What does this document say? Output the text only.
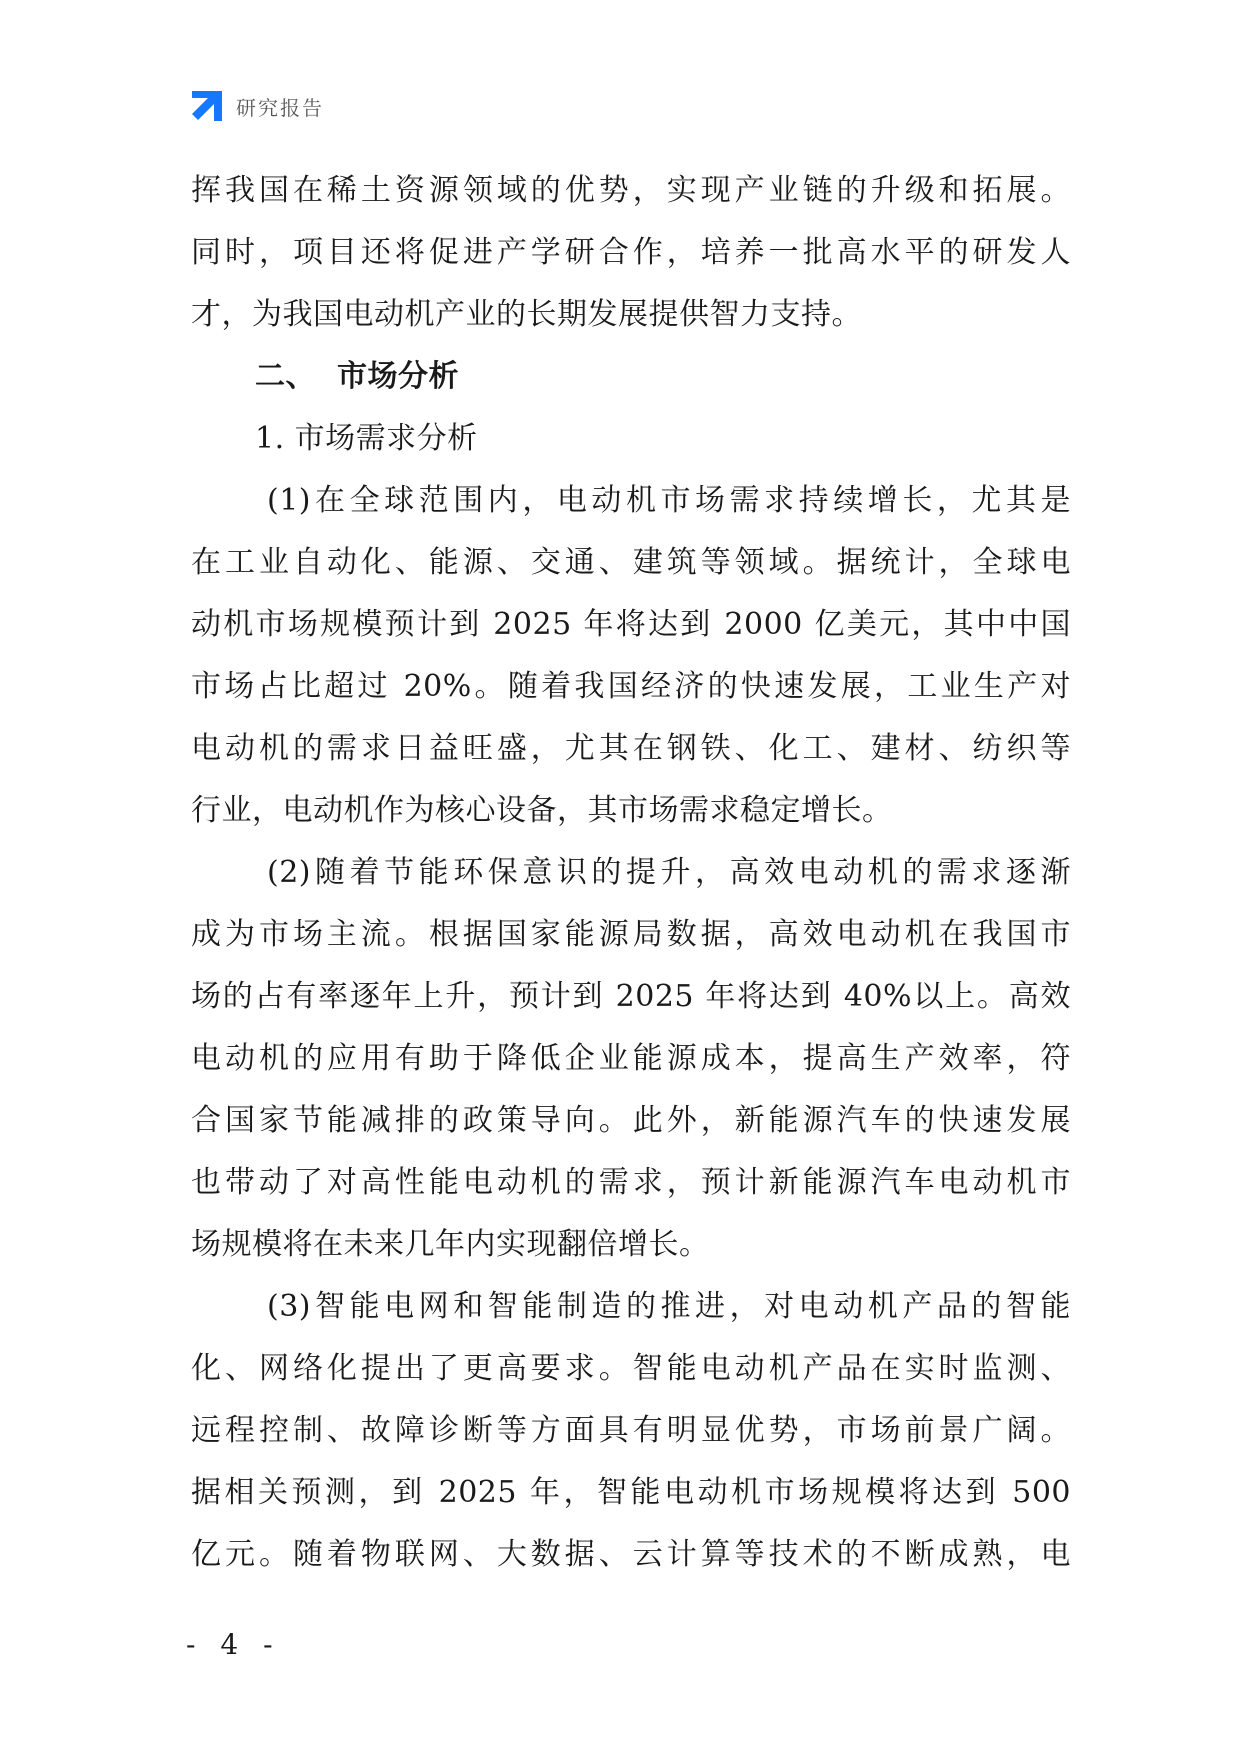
研究报告

挥我国在稀土资源领域的优势，实现产业链的升级和拓展。

同时，项目还将促进产学研合作，培养一批高水平的研发人

才，为我国电动机产业的长期发展提供智力支持。

二、 市场分析

1. 市场需求分析

(1)在全球范围内，电动机市场需求持续增长，尤其是

在工业自动化、能源、交通、建筑等领域。据统计，全球电

动机市场规模预计到 2025 年将达到 2000 亿美元，其中中国

市场占比超过 20%。随着我国经济的快速发展，工业生产对

电动机的需求日益旺盛，尤其在钢铁、化工、建材、纺织等

行业，电动机作为核心设备，其市场需求稳定增长。

(2)随着节能环保意识的提升，高效电动机的需求逐渐

成为市场主流。根据国家能源局数据，高效电动机在我国市

场的占有率逐年上升，预计到 2025 年将达到 40%以上。高效

电动机的应用有助于降低企业能源成本，提高生产效率，符

合国家节能减排的政策导向。此外，新能源汽车的快速发展

也带动了对高性能电动机的需求，预计新能源汽车电动机市

场规模将在未来几年内实现翻倍增长。

(3)智能电网和智能制造的推进，对电动机产品的智能

化、网络化提出了更高要求。智能电动机产品在实时监测、

远程控制、故障诊断等方面具有明显优势，市场前景广阔。

据相关预测，到 2025 年，智能电动机市场规模将达到 500

亿元。随着物联网、大数据、云计算等技术的不断成熟，电

- 4 -
